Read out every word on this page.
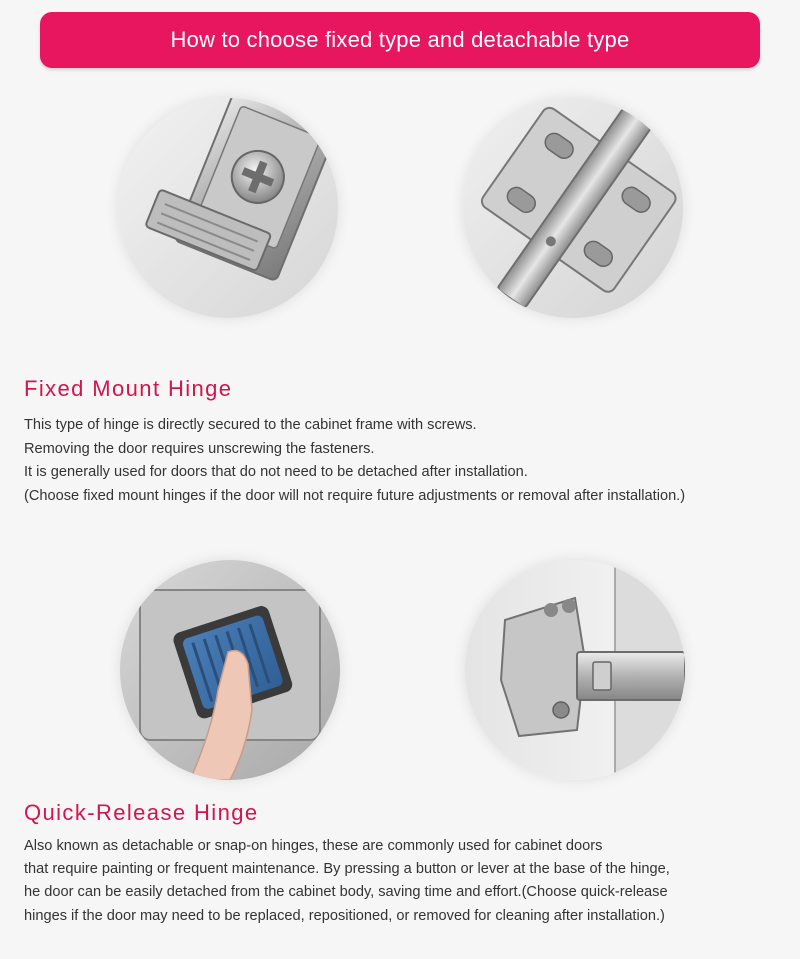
How to choose fixed type and detachable type
Fixed Mount Hinge

This type of hinge is directly secured to the cabinet frame with screws.
Removing the door requires unscrewing the fasteners.
It is generally used for doors that do not need to be detached after installation.
(Choose fixed mount hinges if the door will not require future adjustments or removal after installation.)

Quick-Release Hinge

Also known as detachable or snap-on hinges, these are commonly used for cabinet doors
that require painting or frequent maintenance. By pressing a button or lever at the base of the hinge,
he door can be easily detached from the cabinet body, saving time and effort.(Choose quick-release
hinges if the door may need to be replaced, repositioned, or removed for cleaning after installation.)
